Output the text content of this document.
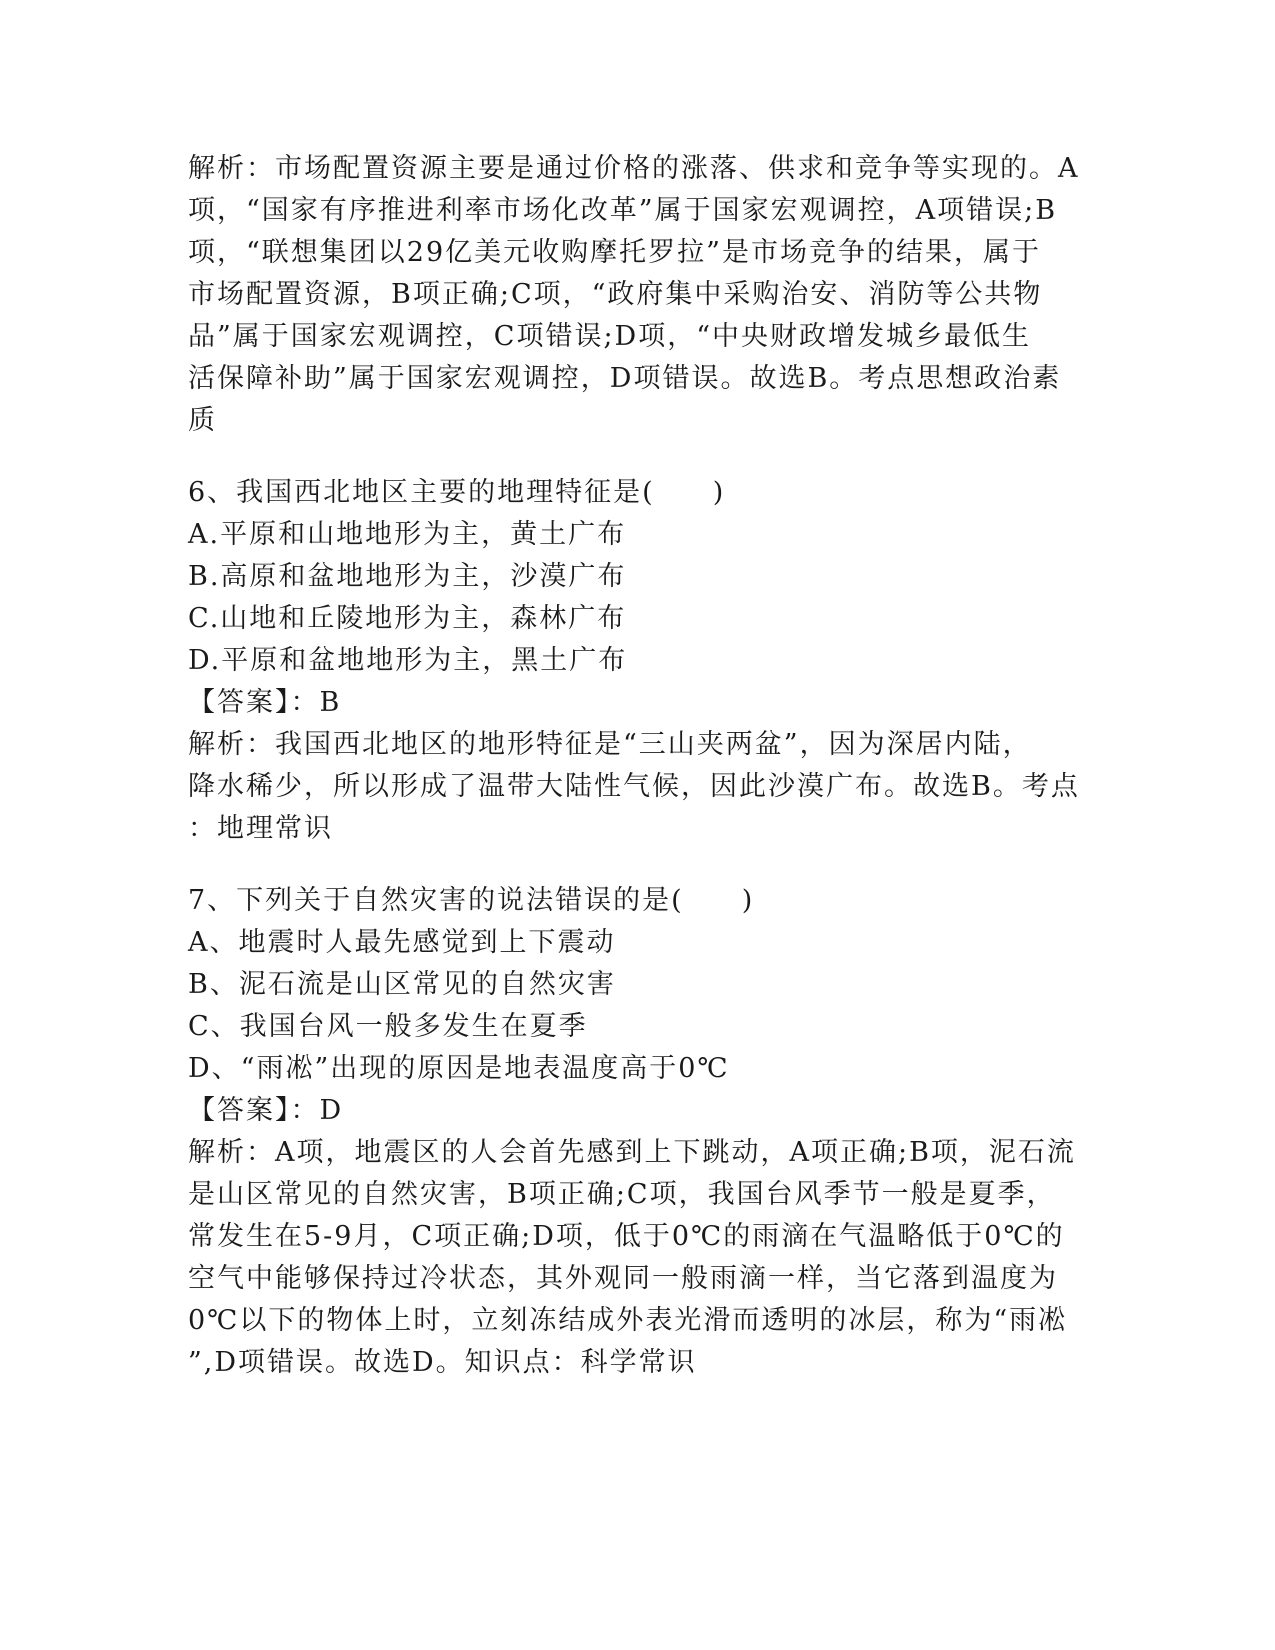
解析：市场配置资源主要是通过价格的涨落、供求和竞争等实现的。A
项，“国家有序推进利率市场化改革”属于国家宏观调控，A项错误;B
项，“联想集团以29亿美元收购摩托罗拉”是市场竞争的结果，属于
市场配置资源，B项正确;C项，“政府集中采购治安、消防等公共物
品”属于国家宏观调控，C项错误;D项，“中央财政增发城乡最低生
活保障补助”属于国家宏观调控，D项错误。故选B。考点思想政治素
质
6、我国西北地区主要的地理特征是(　　)
A.平原和山地地形为主，黄土广布
B.高原和盆地地形为主，沙漠广布
C.山地和丘陵地形为主，森林广布
D.平原和盆地地形为主，黑土广布
【答案】：B
解析：我国西北地区的地形特征是“三山夹两盆”，因为深居内陆，
降水稀少，所以形成了温带大陆性气候，因此沙漠广布。故选B。考点
：地理常识
7、下列关于自然灾害的说法错误的是(　　)
A、地震时人最先感觉到上下震动
B、泥石流是山区常见的自然灾害
C、我国台风一般多发生在夏季
D、“雨凇”出现的原因是地表温度高于0℃
【答案】：D
解析：A项，地震区的人会首先感到上下跳动，A项正确;B项，泥石流
是山区常见的自然灾害，B项正确;C项，我国台风季节一般是夏季，
常发生在5-9月，C项正确;D项，低于0℃的雨滴在气温略低于0℃的
空气中能够保持过冷状态，其外观同一般雨滴一样，当它落到温度为
0℃以下的物体上时，立刻冻结成外表光滑而透明的冰层，称为“雨凇
”,D项错误。故选D。知识点：科学常识
